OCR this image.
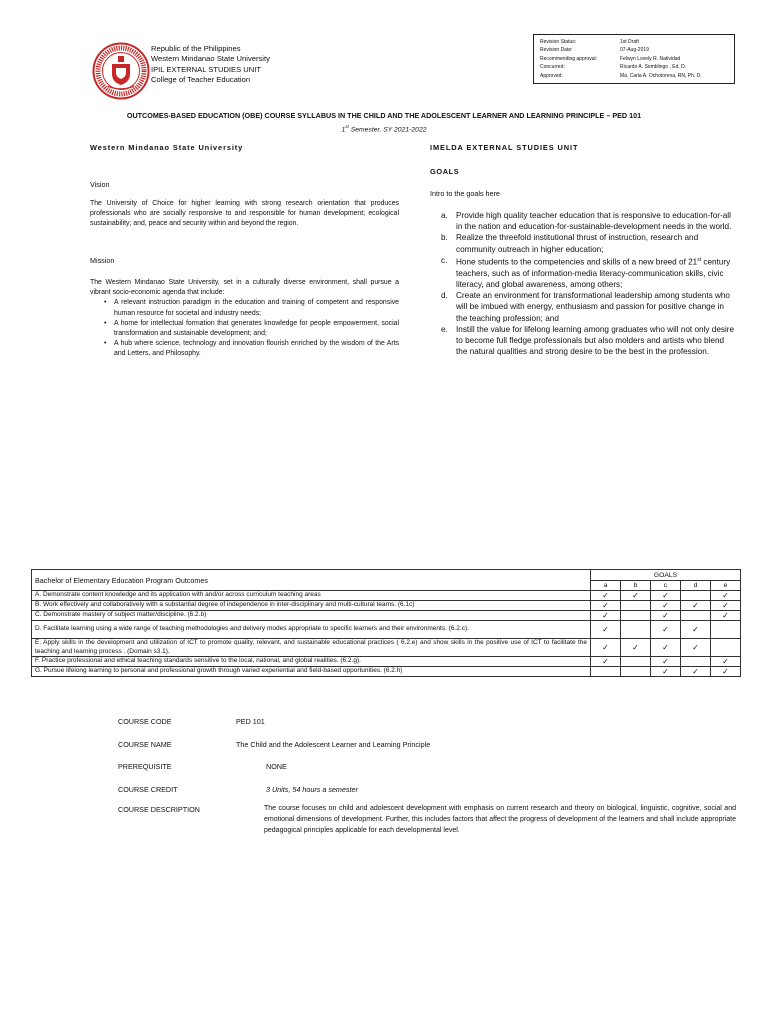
Republic of the Philippines
Western Mindanao State University
IPIL EXTERNAL STUDIES UNIT
College of Teacher Education
Revision Status:	1st Draft
Revision Date:	07-Aug-2019
Recommending approval:	Felwyn Lovely R. Natividad
Concurred:	Ricardo A. Somblingo , Ed. D.
Approved:	Ma. Carla A. Ochotorena, RN, Ph. D.
OUTCOMES-BASED EDUCATION (OBE) COURSE SYLLABUS IN THE CHILD AND THE ADOLESCENT LEARNER AND LEARNING PRINCIPLE – PED 101
1st Semester, SY 2021-2022
Western Mindanao State University
Vision
The University of Choice for higher learning with strong research orientation that produces professionals who are socially responsive to and responsible for human development; ecological sustainability; and, peace and security within and beyond the region.
Mission
The Western Mindanao State University, set in a culturally diverse environment, shall pursue a vibrant socio-economic agenda that include:
• A relevant instruction paradigm in the education and training of competent and responsive human resource for societal and industry needs;
• A home for intellectual formation that generates knowledge for people empowerment, social transformation and sustainable development; and;
• A hub where science, technology and innovation flourish enriched by the wisdom of the Arts and Letters, and Philosophy.
IMELDA EXTERNAL STUDIES UNIT
GOALS
Intro to the goals here
a. Provide high quality teacher education that is responsive to education-for-all in the nation and education-for-sustainable-development needs in the world.
b. Realize the threefold institutional thrust of instruction, research and community outreach in higher education;
c. Hone students to the competencies and skills of a new breed of 21st century teachers, such as of information-media literacy-communication skills, civic literacy, and global awareness, among others;
d. Create an environment for transformational leadership among students who will be imbued with energy, enthusiasm and passion for positive change in the teaching profession; and
e. Instill the value for lifelong learning among graduates who will not only desire to become full fledge professionals but also molders and artists who blend the natural qualities and strong desire to be the best in the profession.
Bachelor of Elementary Education Program Outcomes	GOALS				
	a	b	c	d	e
A. Demonstrate content knowledge and its application with and/or across curriculum teaching areas	✓	✓	✓		✓
B. Work effectively and collaboratively with a substantial degree of independence in inter-disciplinary and multi-cultural teams. (6.1c)	✓		✓	✓	✓
C. Demonstrate mastery of subject matter/discipline. (6.2.b)	✓		✓		✓
D. Facilitate learning using a wide range of teaching methodologies and delivery modes appropriate to specific learners and their environments. (6.2.c).	✓		✓	✓	
E. Apply skills in the development and utilization of ICT to promote quality, relevant, and sustainable educational practices ( 6.2.e) and show skills in the positive use of ICT to facilitate the teaching and learning process . (Domain s3.1).	✓	✓	✓	✓	
F. Practice professional and ethical teaching standards sensitive to the local, national, and global realities. (6.2.g).	✓		✓		✓
G. Pursue lifelong learning to personal and professional growth through varied experiential and field-based opportunities. (6.2.h)			✓	✓	✓
COURSE CODE	PED 101
COURSE NAME	The Child and the Adolescent Learner and Learning Principle
PREREQUISITE	NONE
COURSE CREDIT	3 Units, 54 hours a semester
COURSE DESCRIPTION	The course focuses on child and adolescent development with emphasis on current research and theory on biological, linguistic, cognitive, social and emotional dimensions of development. Further, this includes factors that affect the progress of development of the learners and shall include appropriate pedagogical principles applicable for each developmental level.
